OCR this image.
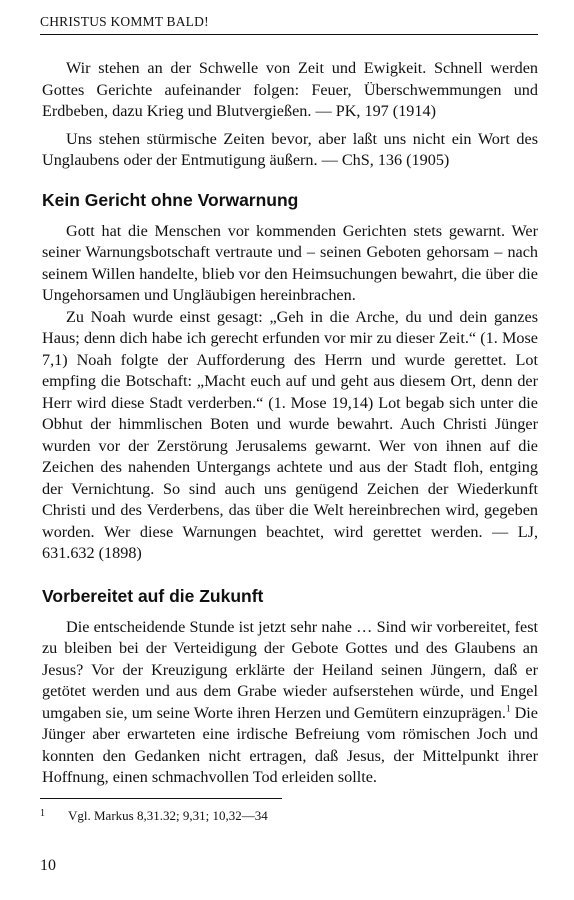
CHRISTUS KOMMT BALD!

Wir stehen an der Schwelle von Zeit und Ewigkeit. Schnell werden Gottes Gerichte aufeinander folgen: Feuer, Überschwemmungen und Erdbeben, dazu Krieg und Blutvergießen. — PK, 197 (1914)

Uns stehen stürmische Zeiten bevor, aber laßt uns nicht ein Wort des Unglaubens oder der Entmutigung äußern. — ChS, 136 (1905)

Kein Gericht ohne Vorwarnung

Gott hat die Menschen vor kommenden Gerichten stets gewarnt. Wer seiner Warnungsbotschaft vertraute und – seinen Geboten gehorsam – nach seinem Willen handelte, blieb vor den Heimsuchungen bewahrt, die über die Ungehorsamen und Ungläubigen hereinbrachen.

Zu Noah wurde einst gesagt: „Geh in die Arche, du und dein ganzes Haus; denn dich habe ich gerecht erfunden vor mir zu dieser Zeit.“ (1. Mose 7,1) Noah folgte der Aufforderung des Herrn und wurde gerettet. Lot empfing die Botschaft: „Macht euch auf und geht aus diesem Ort, denn der Herr wird diese Stadt verderben.“ (1. Mose 19,14) Lot begab sich unter die Obhut der himmlischen Boten und wurde bewahrt. Auch Christi Jünger wurden vor der Zerstörung Jerusalems gewarnt. Wer von ihnen auf die Zeichen des nahenden Untergangs achtete und aus der Stadt floh, entging der Vernichtung. So sind auch uns genügend Zeichen der Wiederkunft Christi und des Verderbens, das über die Welt hereinbrechen wird, gegeben worden. Wer diese Warnungen beachtet, wird gerettet werden. — LJ, 631.632 (1898)

Vorbereitet auf die Zukunft

Die entscheidende Stunde ist jetzt sehr nahe … Sind wir vorbereitet, fest zu bleiben bei der Verteidigung der Gebote Gottes und des Glaubens an Jesus? Vor der Kreuzigung erklärte der Heiland seinen Jüngern, daß er getötet werden und aus dem Grabe wieder aufserstehen würde, und Engel umgaben sie, um seine Worte ihren Herzen und Gemütern einzuprägen.$^1$ Die Jünger aber erwarteten eine irdische Befreiung vom römischen Joch und konnten den Gedanken nicht ertragen, daß Jesus, der Mittelpunkt ihrer Hoffnung, einen schmachvollen Tod erleiden sollte.

1 Vgl. Markus 8,31.32; 9,31; 10,32—34
10
